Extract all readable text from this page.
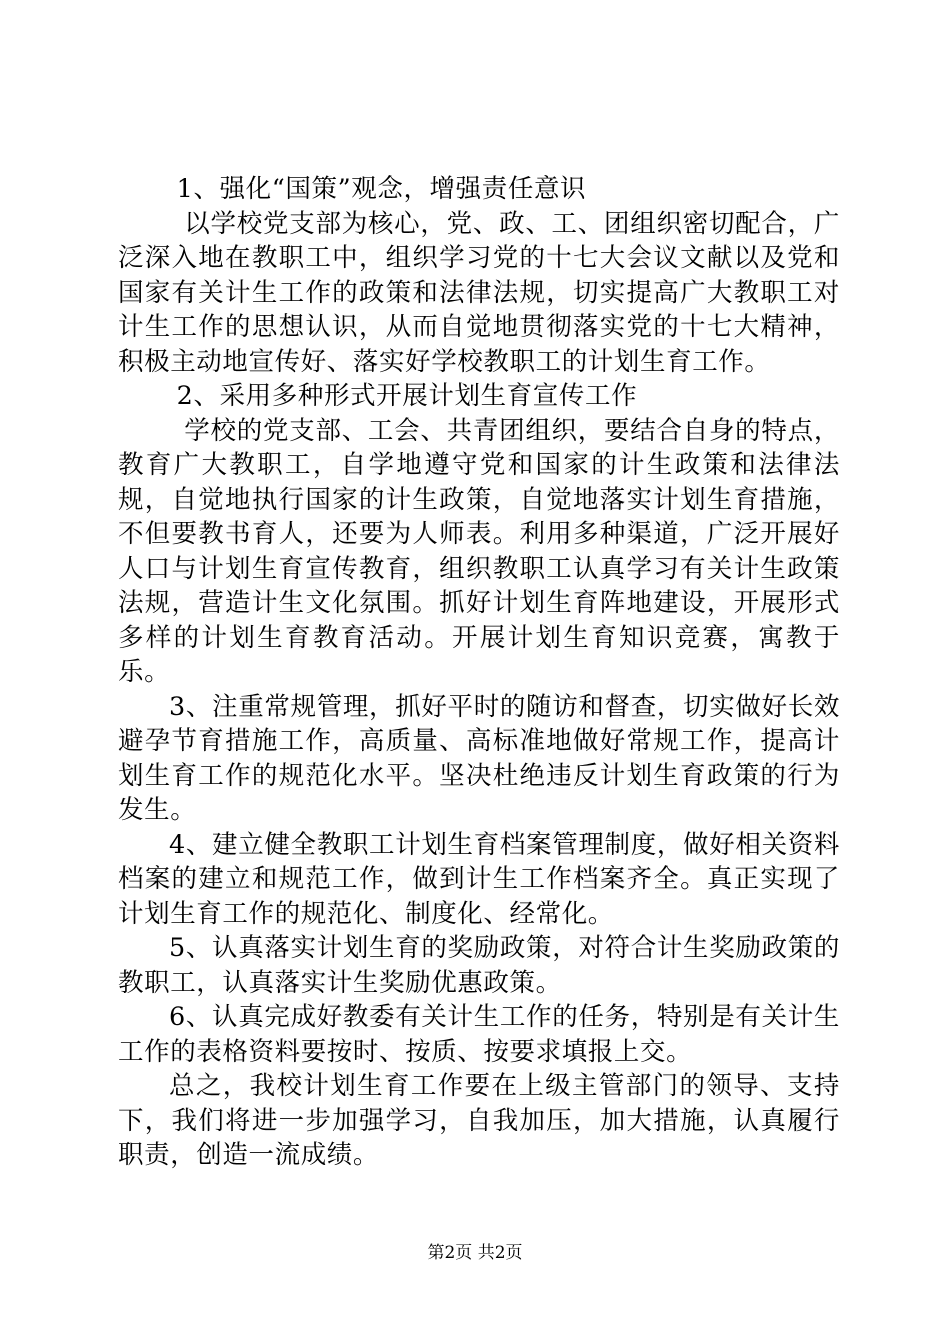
1、强化“国策”观念，增强责任意识

以学校党支部为核心，党、政、工、团组织密切配合，广泛深入地在教职工中，组织学习党的十七大会议文献以及党和国家有关计生工作的政策和法律法规，切实提高广大教职工对计生工作的思想认识，从而自觉地贯彻落实党的十七大精神，积极主动地宣传好、落实好学校教职工的计划生育工作。

2、采用多种形式开展计划生育宣传工作

学校的党支部、工会、共青团组织，要结合自身的特点，教育广大教职工，自学地遵守党和国家的计生政策和法律法规，自觉地执行国家的计生政策，自觉地落实计划生育措施，不但要教书育人，还要为人师表。利用多种渠道，广泛开展好人口与计划生育宣传教育，组织教职工认真学习有关计生政策法规，营造计生文化氛围。抓好计划生育阵地建设，开展形式多样的计划生育教育活动。开展计划生育知识竞赛，寓教于乐。

3、注重常规管理，抓好平时的随访和督查，切实做好长效避孕节育措施工作，高质量、高标准地做好常规工作，提高计划生育工作的规范化水平。坚决杜绝违反计划生育政策的行为发生。

4、建立健全教职工计划生育档案管理制度，做好相关资料档案的建立和规范工作，做到计生工作档案齐全。真正实现了计划生育工作的规范化、制度化、经常化。

5、认真落实计划生育的奖励政策，对符合计生奖励政策的教职工，认真落实计生奖励优惠政策。

6、认真完成好教委有关计生工作的任务，特别是有关计生工作的表格资料要按时、按质、按要求填报上交。

总之，我校计划生育工作要在上级主管部门的领导、支持下，我们将进一步加强学习，自我加压，加大措施，认真履行职责，创造一流成绩。

第2页 共2页
